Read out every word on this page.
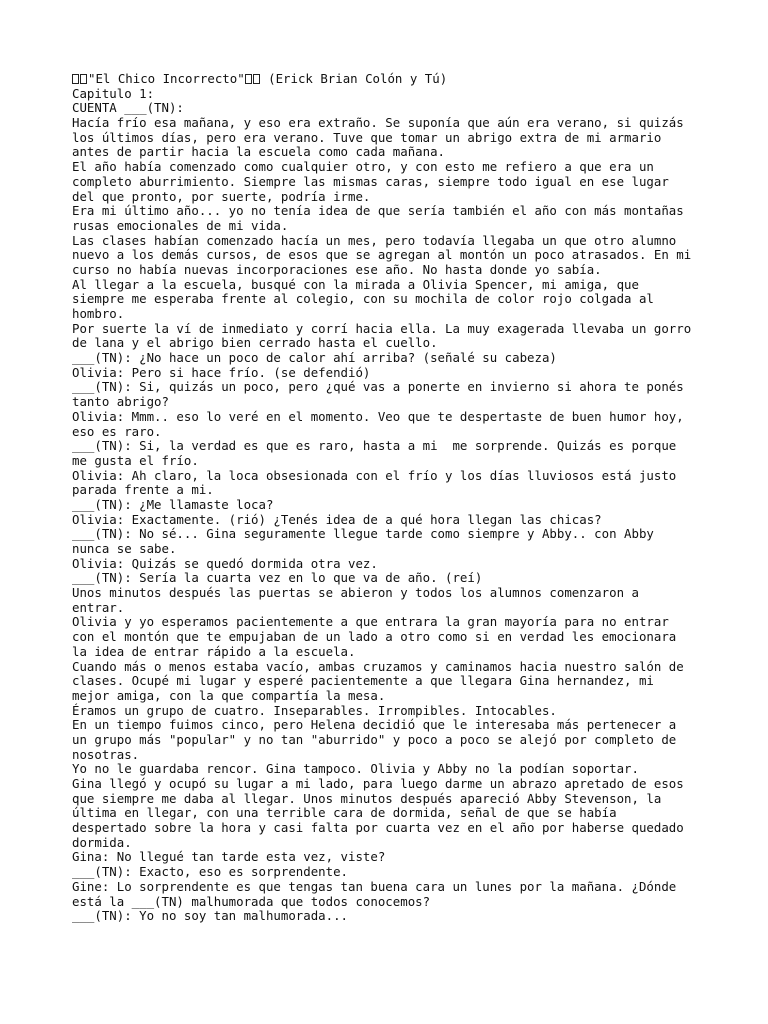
"El Chico Incorrecto" (Erick Brian Colón y Tú)
Capitulo 1:
CUENTA ___(TN):
Hacía frío esa mañana, y eso era extraño. Se suponía que aún era verano, si quizás
los últimos días, pero era verano. Tuve que tomar un abrigo extra de mi armario
antes de partir hacia la escuela como cada mañana.
El año había comenzado como cualquier otro, y con esto me refiero a que era un
completo aburrimiento. Siempre las mismas caras, siempre todo igual en ese lugar
del que pronto, por suerte, podría irme.
Era mi último año... yo no tenía idea de que sería también el año con más montañas
rusas emocionales de mi vida.
Las clases habían comenzado hacía un mes, pero todavía llegaba un que otro alumno
nuevo a los demás cursos, de esos que se agregan al montón un poco atrasados. En mi
curso no había nuevas incorporaciones ese año. No hasta donde yo sabía.
Al llegar a la escuela, busqué con la mirada a Olivia Spencer, mi amiga, que
siempre me esperaba frente al colegio, con su mochila de color rojo colgada al
hombro.
Por suerte la ví de inmediato y corrí hacia ella. La muy exagerada llevaba un gorro
de lana y el abrigo bien cerrado hasta el cuello.
___(TN): ¿No hace un poco de calor ahí arriba? (señalé su cabeza)
Olivia: Pero si hace frío. (se defendió)
___(TN): Si, quizás un poco, pero ¿qué vas a ponerte en invierno si ahora te ponés
tanto abrigo?
Olivia: Mmm.. eso lo veré en el momento. Veo que te despertaste de buen humor hoy,
eso es raro.
___(TN): Si, la verdad es que es raro, hasta a mi  me sorprende. Quizás es porque
me gusta el frío.
Olivia: Ah claro, la loca obsesionada con el frío y los días lluviosos está justo
parada frente a mi.
___(TN): ¿Me llamaste loca?
Olivia: Exactamente. (rió) ¿Tenés idea de a qué hora llegan las chicas?
___(TN): No sé... Gina seguramente llegue tarde como siempre y Abby.. con Abby
nunca se sabe.
Olivia: Quizás se quedó dormida otra vez.
___(TN): Sería la cuarta vez en lo que va de año. (reí)
Unos minutos después las puertas se abieron y todos los alumnos comenzaron a
entrar.
Olivia y yo esperamos pacientemente a que entrara la gran mayoría para no entrar
con el montón que te empujaban de un lado a otro como si en verdad les emocionara
la idea de entrar rápido a la escuela.
Cuando más o menos estaba vacío, ambas cruzamos y caminamos hacia nuestro salón de
clases. Ocupé mi lugar y esperé pacientemente a que llegara Gina hernandez, mi
mejor amiga, con la que compartía la mesa.
Éramos un grupo de cuatro. Inseparables. Irrompibles. Intocables.
En un tiempo fuimos cinco, pero Helena decidió que le interesaba más pertenecer a
un grupo más "popular" y no tan "aburrido" y poco a poco se alejó por completo de
nosotras.
Yo no le guardaba rencor. Gina tampoco. Olivia y Abby no la podían soportar.
Gina llegó y ocupó su lugar a mi lado, para luego darme un abrazo apretado de esos
que siempre me daba al llegar. Unos minutos después apareció Abby Stevenson, la
última en llegar, con una terrible cara de dormida, señal de que se había
despertado sobre la hora y casi falta por cuarta vez en el año por haberse quedado
dormida.
Gina: No llegué tan tarde esta vez, viste?
___(TN): Exacto, eso es sorprendente.
Gine: Lo sorprendente es que tengas tan buena cara un lunes por la mañana. ¿Dónde
está la ___(TN) malhumorada que todos conocemos?
___(TN): Yo no soy tan malhumorada...
